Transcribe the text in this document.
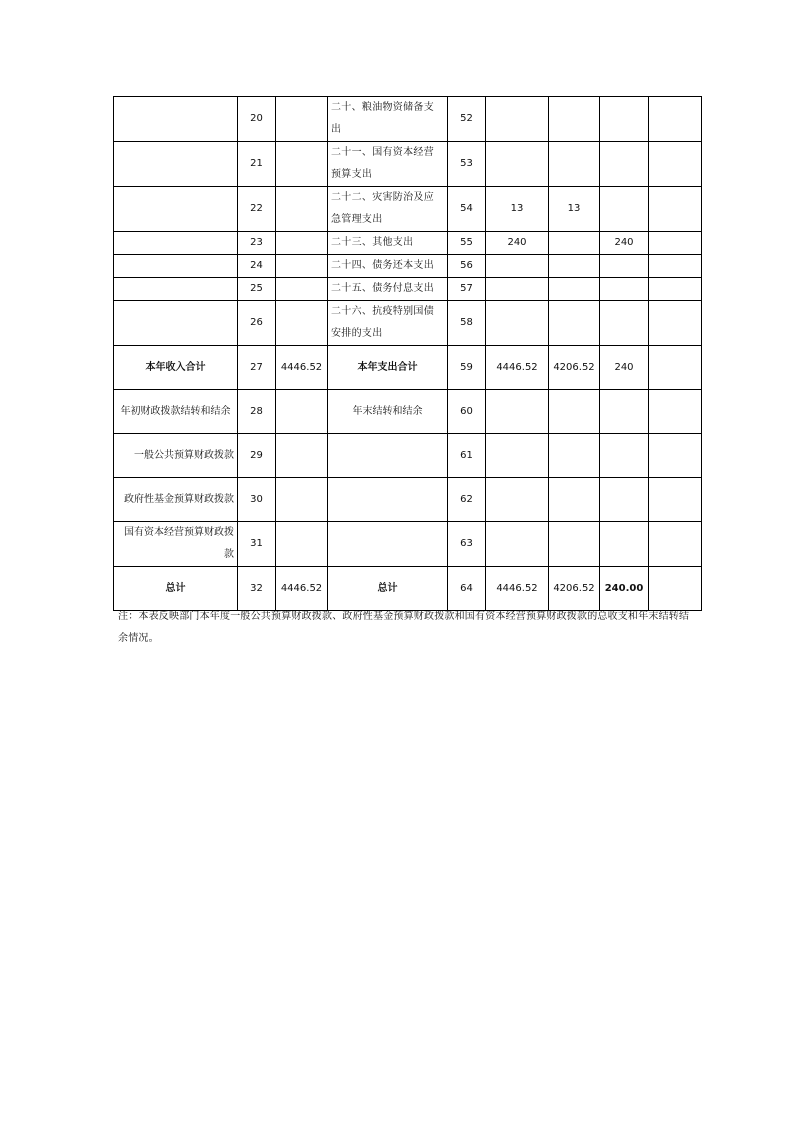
	20		二十、粮油物资储备支出	52				
	21		二十一、国有资本经营预算支出	53				
	22		二十二、灾害防治及应急管理支出	54	13	13		
	23		二十三、其他支出	55	240		240	
	24		二十四、债务还本支出	56				
	25		二十五、债务付息支出	57				
	26		二十六、抗疫特别国债安排的支出	58				
本年收入合计	27	4446.52	本年支出合计	59	4446.52	4206.52	240	
年初财政拨款结转和结余	28		年末结转和结余	60				
一般公共预算财政拨款	29			61				
政府性基金预算财政拨款	30			62				
国有资本经营预算财政拨款	31			63				
总计	32	4446.52	总计	64	4446.52	4206.52	240.00	
注：本表反映部门本年度一般公共预算财政拨款、政府性基金预算财政拨款和国有资本经营预算财政拨款的总收支和年末结转结余情况。
